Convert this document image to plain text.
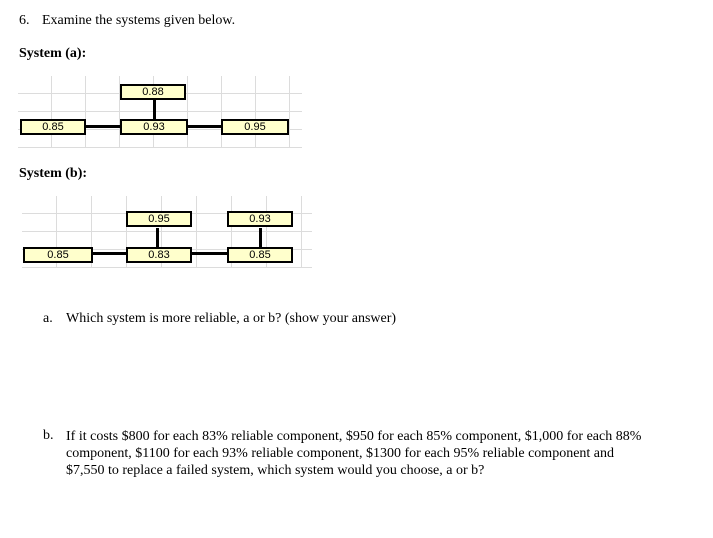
6. Examine the systems given below.
System (a):
0.88
0.85	0.93	0.95
System (b):
0.95	0.93
0.85	0.83	0.85
a. Which system is more reliable, a or b? (show your answer)
b. If it costs $800 for each 83% reliable component, $950 for each 85% component, $1,000 for each 88% component, $1100 for each 93% reliable component, $1300 for each 95% reliable component and $7,550 to replace a failed system, which system would you choose, a or b?
